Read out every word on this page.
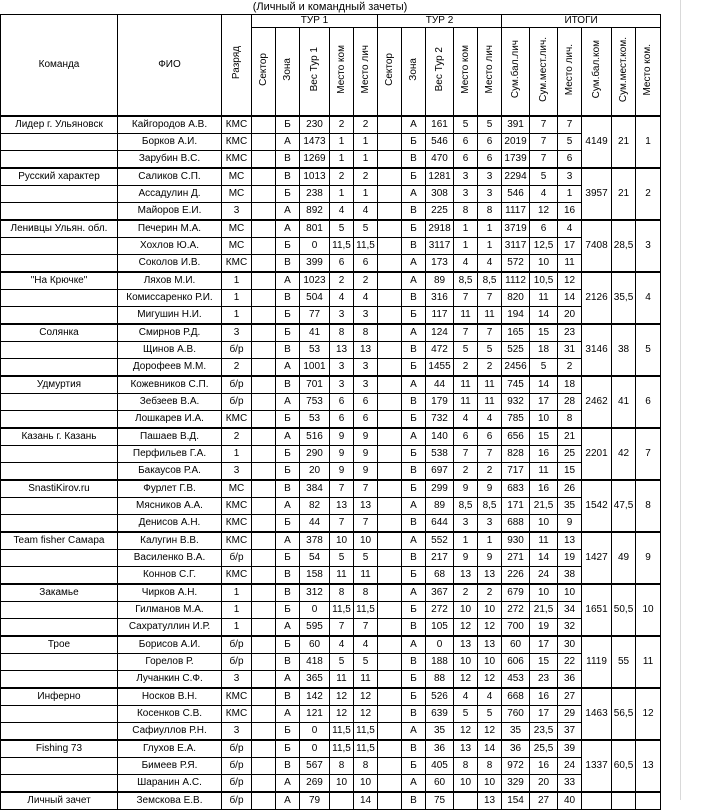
(Личный и командный зачеты)
Команда	ФИО	Разряд	ТУР 1					ТУР 2					ИТОГИ					
			Сектор	Зона	Вес Тур 1	Место ком	Место лич	Сектор	Зона	Вес Тур 2	Место ком	Место лич	Сум.бал.лич	Сум.мест.лич.	Место лич.	Сум.бал.ком	Сум.мест.ком.	Место ком.
Лидер г. Ульяновск	Кайгородов А.В.	КМС		Б	230	2	2		А	161	5	5	391	7	7	4149	21	1
	Борков А.И.	КМС		А	1473	1	1		Б	546	6	6	2019	7	5			
	Зарубин В.С.	КМС		В	1269	1	1		В	470	6	6	1739	7	6			
Русский характер	Саликов С.П.	МС		В	1013	2	2		Б	1281	3	3	2294	5	3	3957	21	2
	Ассадулин Д.	МС		Б	238	1	1		А	308	3	3	546	4	1			
	Майоров Е.И.	3		А	892	4	4		В	225	8	8	1117	12	16			
Ленивцы Ульян. обл.	Печерин М.А.	МС		А	801	5	5		Б	2918	1	1	3719	6	4	7408	28,5	3
	Хохлов Ю.А.	МС		Б	0	11,5	11,5		В	3117	1	1	3117	12,5	17			
	Соколов И.В.	КМС		В	399	6	6		А	173	4	4	572	10	11			
"На Крючке"	Ляхов М.И.	1		А	1023	2	2		А	89	8,5	8,5	1112	10,5	12	2126	35,5	4
	Комиссаренко Р.И.	1		В	504	4	4		В	316	7	7	820	11	14			
	Мигушин Н.И.	1		Б	77	3	3		Б	117	11	11	194	14	20			
Солянка	Смирнов Р.Д.	3		Б	41	8	8		А	124	7	7	165	15	23	3146	38	5
	Щинов А.В.	б/р		В	53	13	13		В	472	5	5	525	18	31			
	Дорофеев М.М.	2		А	1001	3	3		Б	1455	2	2	2456	5	2			
Удмуртия	Кожевников С.П.	б/р		В	701	3	3		А	44	11	11	745	14	18	2462	41	6
	Зебзеев В.А.	б/р		А	753	6	6		В	179	11	11	932	17	28			
	Лошкарев И.А.	КМС		Б	53	6	6		Б	732	4	4	785	10	8			
Казань г. Казань	Пашаев В.Д.	2		А	516	9	9		А	140	6	6	656	15	21	2201	42	7
	Перфильев Г.А.	1		Б	290	9	9		Б	538	7	7	828	16	25			
	Бакаусов Р.А.	3		Б	20	9	9		В	697	2	2	717	11	15			
SnastiKirov.ru	Фурлет Г.В.	МС		В	384	7	7		Б	299	9	9	683	16	26	1542	47,5	8
	Мясников А.А.	КМС		А	82	13	13		А	89	8,5	8,5	171	21,5	35			
	Денисов А.Н.	КМС		Б	44	7	7		В	644	3	3	688	10	9			
Team fisher Самара	Калугин В.В.	КМС		А	378	10	10		А	552	1	1	930	11	13	1427	49	9
	Василенко В.А.	б/р		Б	54	5	5		В	217	9	9	271	14	19			
	Коннов С.Г.	КМС		В	158	11	11		Б	68	13	13	226	24	38			
Закамье	Чирков А.Н.	1		В	312	8	8		А	367	2	2	679	10	10	1651	50,5	10
	Гилманов М.А.	1		Б	0	11,5	11,5		Б	272	10	10	272	21,5	34			
	Сахратуллин И.Р.	1		А	595	7	7		В	105	12	12	700	19	32			
Трое	Борисов А.И.	б/р		Б	60	4	4		А	0	13	13	60	17	30	1119	55	11
	Горелов Р.	б/р		В	418	5	5		В	188	10	10	606	15	22			
	Лучанкин С.Ф.	3		А	365	11	11		Б	88	12	12	453	23	36			
Инферно	Носков В.Н.	КМС		В	142	12	12		Б	526	4	4	668	16	27	1463	56,5	12
	Косенков С.В.	КМС		А	121	12	12		В	639	5	5	760	17	29			
	Сафиуллов Р.Н.	3		Б	0	11,5	11,5		А	35	12	12	35	23,5	37			
Fishing 73	Глухов Е.А.	б/р		Б	0	11,5	11,5		В	36	13	14	36	25,5	39	1337	60,5	13
	Бимеев Р.Я.	б/р		В	567	8	8		Б	405	8	8	972	16	24			
	Шаранин А.С.	б/р		А	269	10	10		А	60	10	10	329	20	33			
Личный зачет	Земскова Е.В.	б/р		А	79		14		В	75		13	154	27	40			
